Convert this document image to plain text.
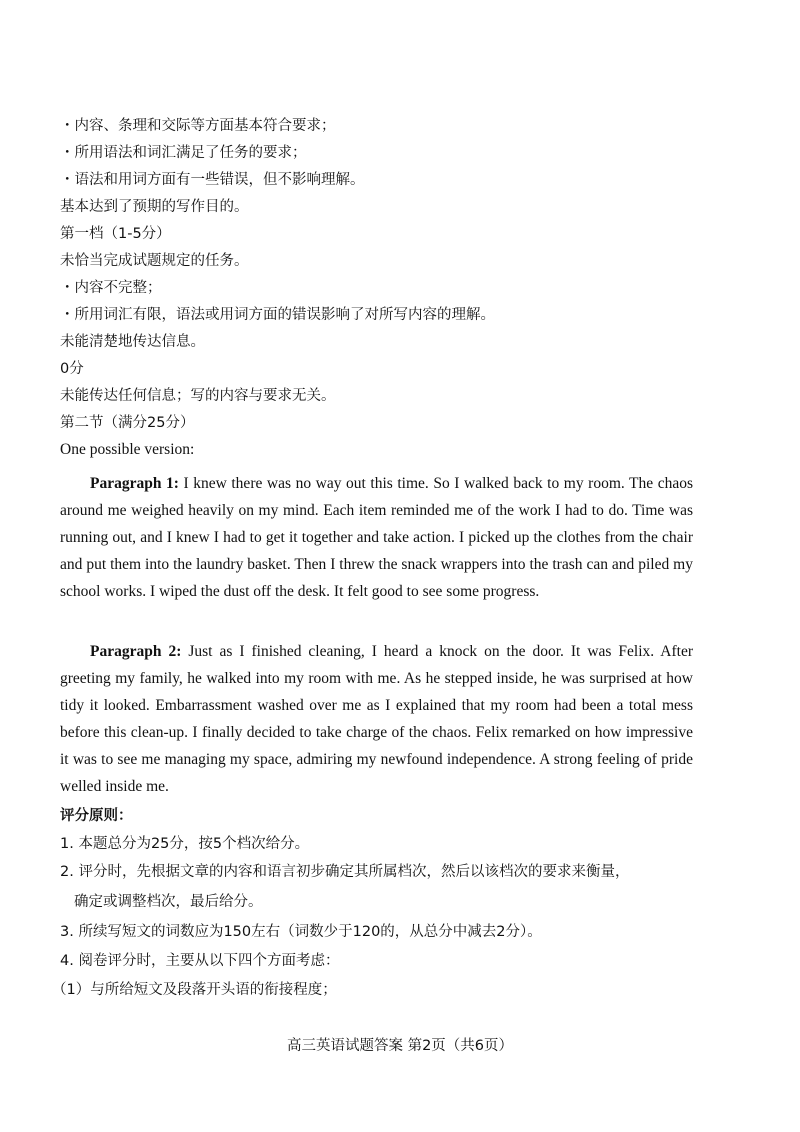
・内容、条理和交际等方面基本符合要求；
・所用语法和词汇满足了任务的要求；
・语法和用词方面有一些错误，但不影响理解。
基本达到了预期的写作目的。
第一档（1-5分）
未恰当完成试题规定的任务。
・内容不完整；
・所用词汇有限，语法或用词方面的错误影响了对所写内容的理解。
未能清楚地传达信息。
0分
未能传达任何信息；写的内容与要求无关。
第二节（满分25分）
One possible version:

Paragraph 1: I knew there was no way out this time. So I walked back to my room. The chaos around me weighed heavily on my mind. Each item reminded me of the work I had to do. Time was running out, and I knew I had to get it together and take action. I picked up the clothes from the chair and put them into the laundry basket. Then I threw the snack wrappers into the trash can and piled my school works. I wiped the dust off the desk. It felt good to see some progress.

Paragraph 2: Just as I finished cleaning, I heard a knock on the door. It was Felix. After greeting my family, he walked into my room with me. As he stepped inside, he was surprised at how tidy it looked. Embarrassment washed over me as I explained that my room had been a total mess before this clean-up. I finally decided to take charge of the chaos. Felix remarked on how impressive it was to see me managing my space, admiring my newfound independence. A strong feeling of pride welled inside me.

评分原则：
1. 本题总分为25分，按5个档次给分。
2. 评分时，先根据文章的内容和语言初步确定其所属档次，然后以该档次的要求来衡量，
确定或调整档次，最后给分。
3. 所续写短文的词数应为150左右（词数少于120的，从总分中减去2分）。
4. 阅卷评分时，主要从以下四个方面考虑：
（1）与所给短文及段落开头语的衔接程度；
高三英语试题答案 第2页（共6页）
